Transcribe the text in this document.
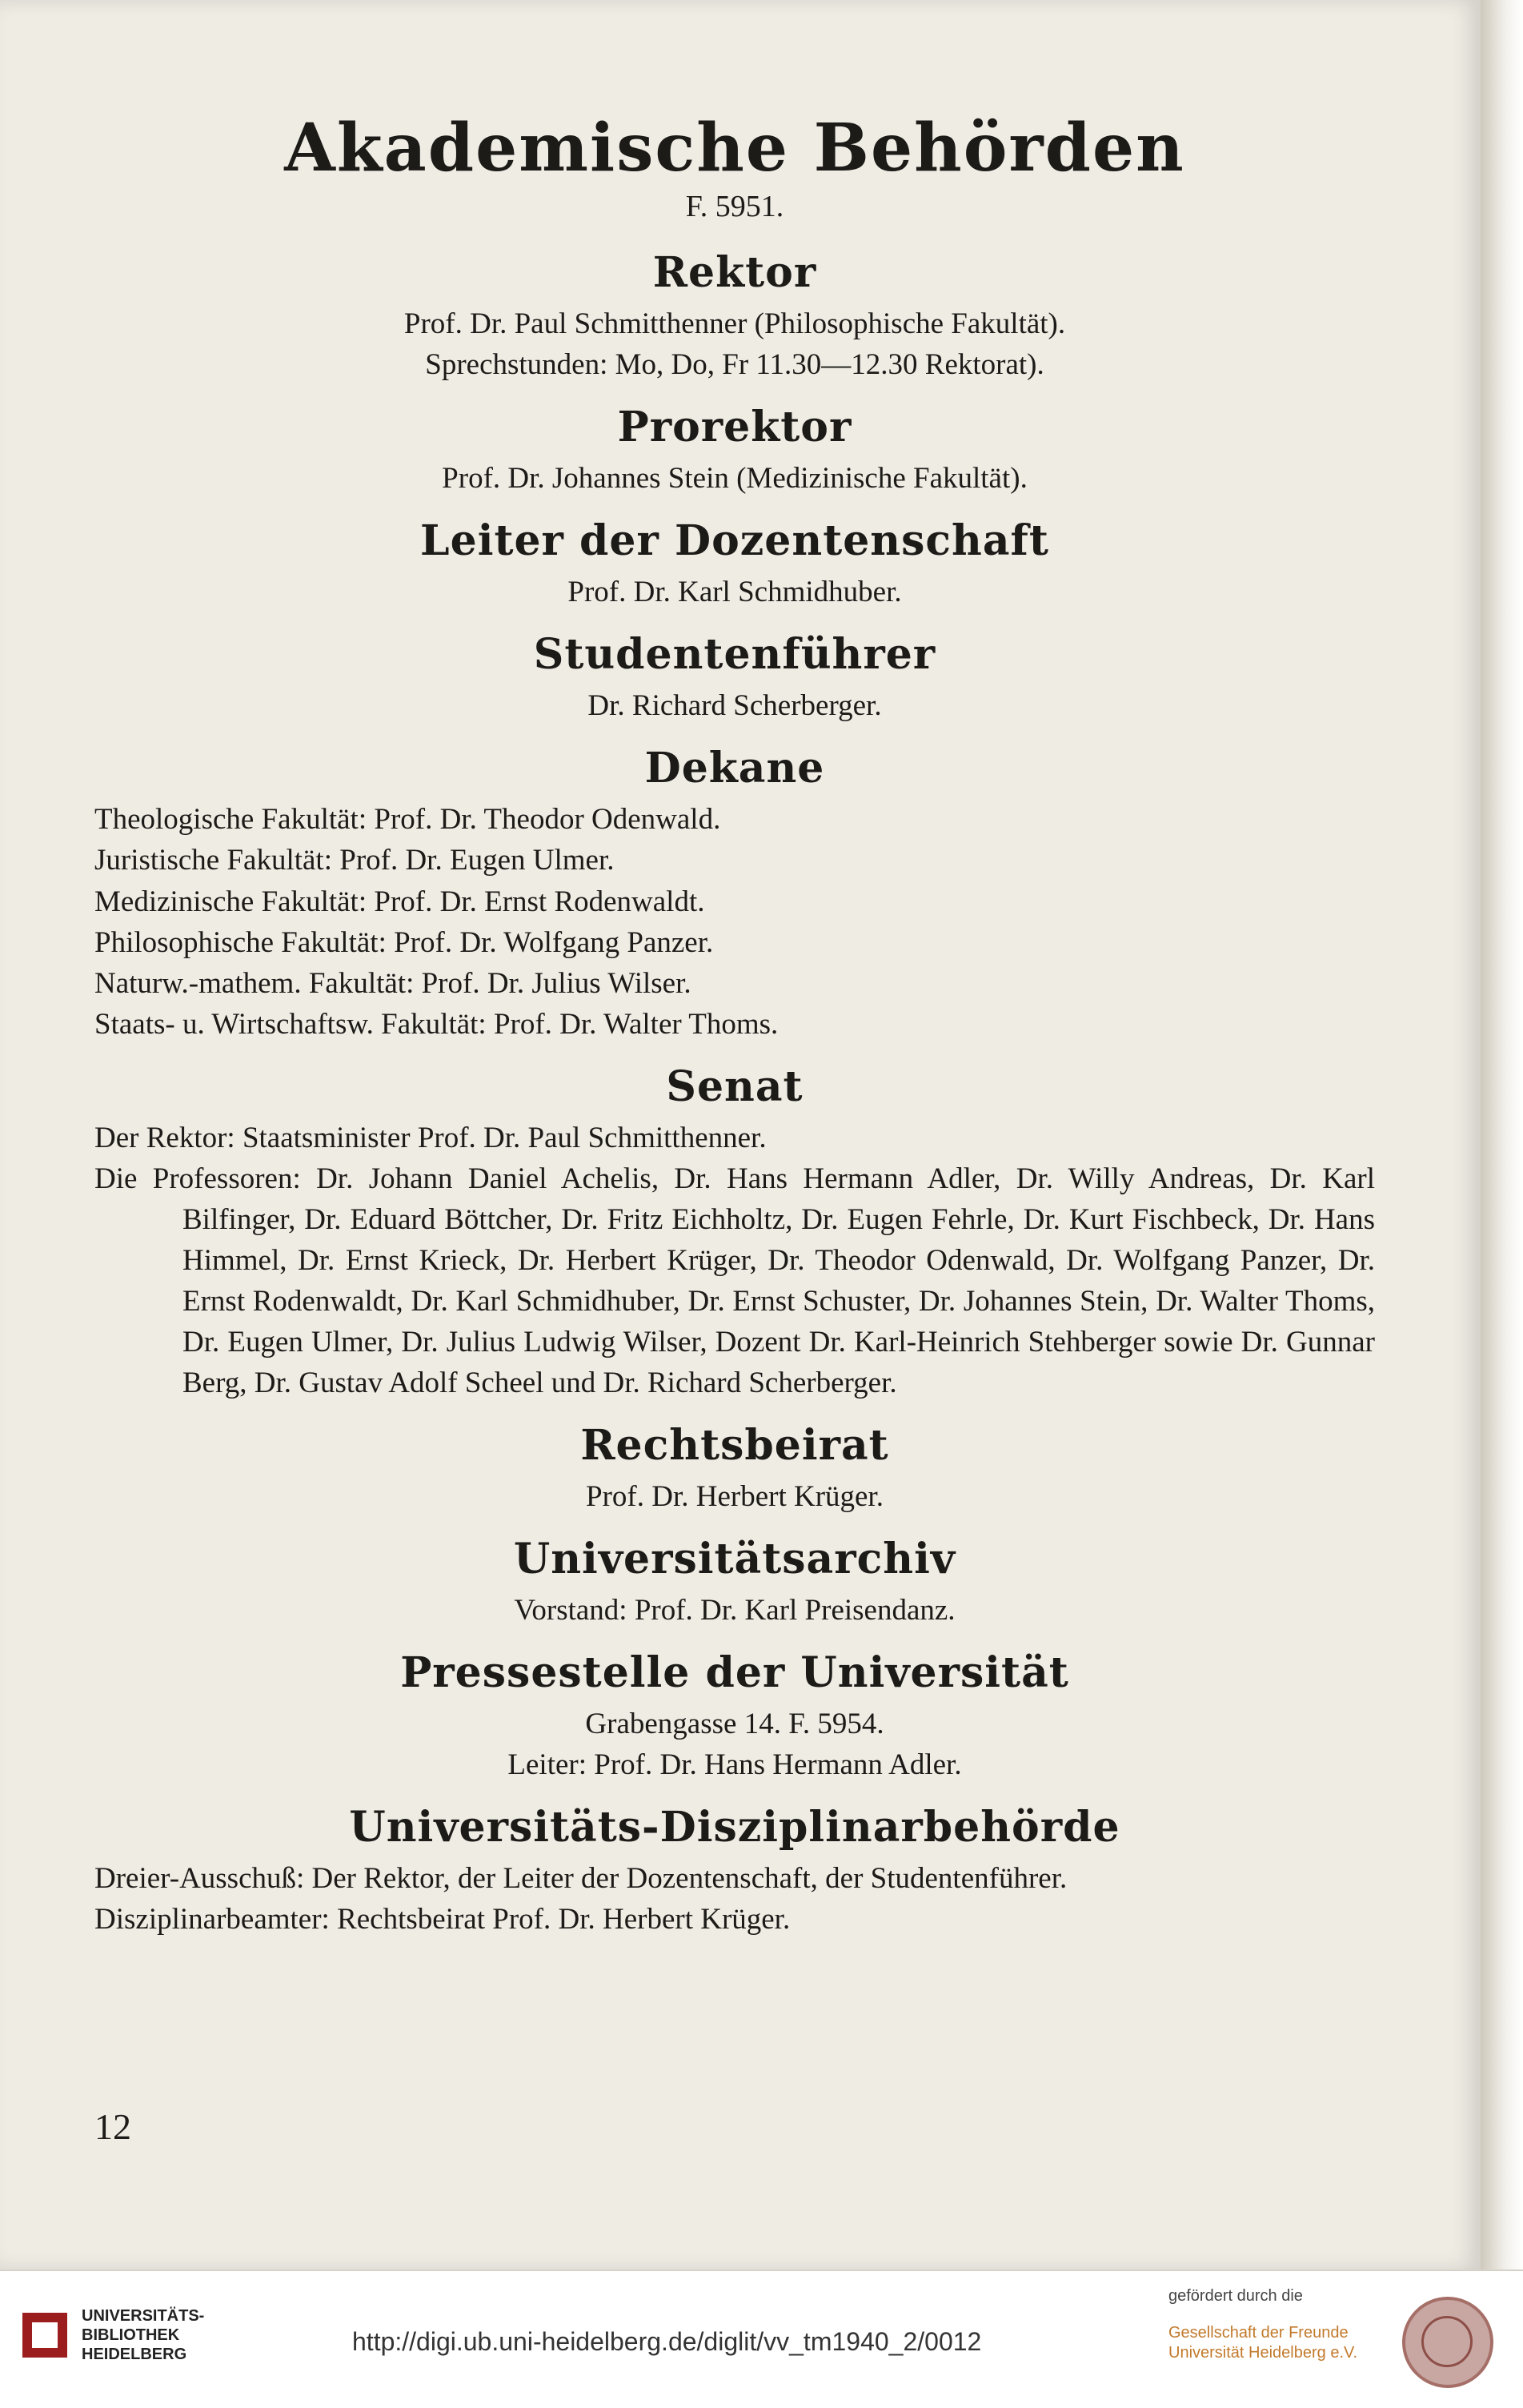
Akademische Behörden

F. 5951.

Rektor

Prof. Dr. Paul Schmitthenner (Philosophische Fakultät).

Sprechstunden: Mo, Do, Fr 11.30—12.30 Rektorat).

Prorektor

Prof. Dr. Johannes Stein (Medizinische Fakultät).

Leiter der Dozentenschaft

Prof. Dr. Karl Schmidhuber.

Studentenführer

Dr. Richard Scherberger.

Dekane

Theologische Fakultät: Prof. Dr. Theodor Odenwald.

Juristische Fakultät: Prof. Dr. Eugen Ulmer.

Medizinische Fakultät: Prof. Dr. Ernst Rodenwaldt.

Philosophische Fakultät: Prof. Dr. Wolfgang Panzer.

Naturw.-mathem. Fakultät: Prof. Dr. Julius Wilser.

Staats- u. Wirtschaftsw. Fakultät: Prof. Dr. Walter Thoms.

Senat

Der Rektor: Staatsminister Prof. Dr. Paul Schmitthenner.

Die Professoren: Dr. Johann Daniel Achelis, Dr. Hans Hermann Adler, Dr. Willy Andreas, Dr. Karl Bilfinger, Dr. Eduard Böttcher, Dr. Fritz Eichholtz, Dr. Eugen Fehrle, Dr. Kurt Fischbeck, Dr. Hans Himmel, Dr. Ernst Krieck, Dr. Herbert Krüger, Dr. Theodor Odenwald, Dr. Wolfgang Panzer, Dr. Ernst Rodenwaldt, Dr. Karl Schmidhuber, Dr. Ernst Schuster, Dr. Johannes Stein, Dr. Walter Thoms, Dr. Eugen Ulmer, Dr. Julius Ludwig Wilser, Dozent Dr. Karl-Heinrich Stehberger sowie Dr. Gunnar Berg, Dr. Gustav Adolf Scheel und Dr. Richard Scherberger.

Rechtsbeirat

Prof. Dr. Herbert Krüger.

Universitätsarchiv

Vorstand: Prof. Dr. Karl Preisendanz.

Pressestelle der Universität

Grabengasse 14. F. 5954.

Leiter: Prof. Dr. Hans Hermann Adler.

Universitäts-Disziplinarbehörde

Dreier-Ausschuß: Der Rektor, der Leiter der Dozentenschaft, der Studentenführer.

Disziplinarbeamter: Rechtsbeirat Prof. Dr. Herbert Krüger.

12
UNIVERSITÄTS-
BIBLIOTHEK
HEIDELBERG	http://digi.ub.uni-heidelberg.de/diglit/vv_tm1940_2/0012
gefördert durch die
Gesellschaft der Freunde
Universität Heidelberg e.V.
